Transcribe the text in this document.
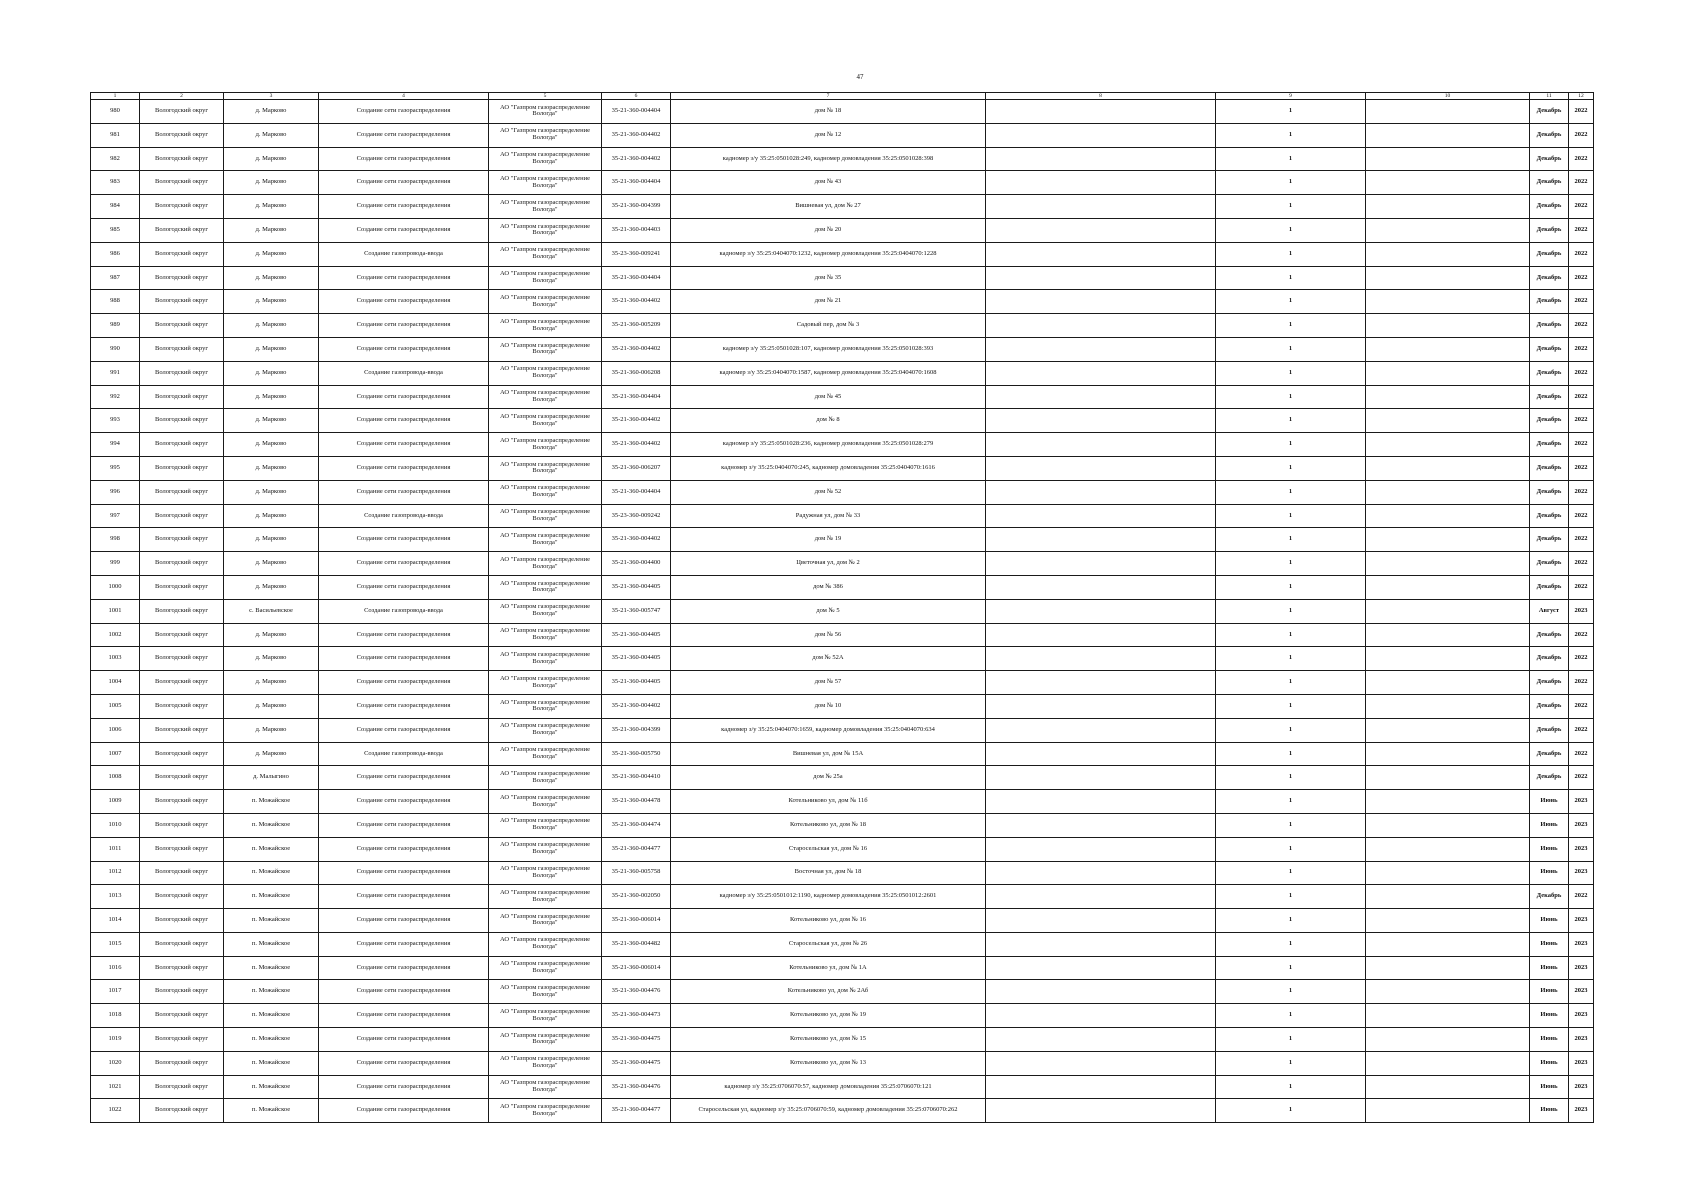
47
1	2	3	4	5	6	7	8	9	10	11	12
980	Вологодский округ	д. Марково	Создание сети газораспределения	АО "Газпром газораспределение Вологда"	35-21-360-004404	дом № 18		1		Декабрь	2022
981	Вологодский округ	д. Марково	Создание сети газораспределения	АО "Газпром газораспределение Вологда"	35-21-360-004402	дом № 12		1		Декабрь	2022
982	Вологодский округ	д. Марково	Создание сети газораспределения	АО "Газпром газораспределение Вологда"	35-21-360-004402	кадномер з/у 35:25:0501028:249, кадномер домовладения 35:25:0501028:398		1		Декабрь	2022
983	Вологодский округ	д. Марково	Создание сети газораспределения	АО "Газпром газораспределение Вологда"	35-21-360-004404	дом № 43		1		Декабрь	2022
984	Вологодский округ	д. Марково	Создание сети газораспределения	АО "Газпром газораспределение Вологда"	35-21-360-004399	Вишневая ул, дом № 27		1		Декабрь	2022
985	Вологодский округ	д. Марково	Создание сети газораспределения	АО "Газпром газораспределение Вологда"	35-21-360-004403	дом № 20		1		Декабрь	2022
986	Вологодский округ	д. Марково	Создание газопровода-ввода	АО "Газпром газораспределение Вологда"	35-23-360-009241	кадномер з/у 35:25:0404070:1232, кадномер домовладения 35:25:0404070:1228		1		Декабрь	2022
987	Вологодский округ	д. Марково	Создание сети газораспределения	АО "Газпром газораспределение Вологда"	35-21-360-004404	дом № 35		1		Декабрь	2022
988	Вологодский округ	д. Марково	Создание сети газораспределения	АО "Газпром газораспределение Вологда"	35-21-360-004402	дом № 21		1		Декабрь	2022
989	Вологодский округ	д. Марково	Создание сети газораспределения	АО "Газпром газораспределение Вологда"	35-21-360-005209	Садовый пер, дом № 3		1		Декабрь	2022
990	Вологодский округ	д. Марково	Создание сети газораспределения	АО "Газпром газораспределение Вологда"	35-21-360-004402	кадномер з/у 35:25:0501028:107, кадномер домовладения 35:25:0501028:393		1		Декабрь	2022
991	Вологодский округ	д. Марково	Создание газопровода-ввода	АО "Газпром газораспределение Вологда"	35-21-360-006208	кадномер з/у 35:25:0404070:1587, кадномер домовладения 35:25:0404070:1608		1		Декабрь	2022
992	Вологодский округ	д. Марково	Создание сети газораспределения	АО "Газпром газораспределение Вологда"	35-21-360-004404	дом № 45		1		Декабрь	2022
993	Вологодский округ	д. Марково	Создание сети газораспределения	АО "Газпром газораспределение Вологда"	35-21-360-004402	дом № 8		1		Декабрь	2022
994	Вологодский округ	д. Марково	Создание сети газораспределения	АО "Газпром газораспределение Вологда"	35-21-360-004402	кадномер з/у 35:25:0501028:236, кадномер домовладения 35:25:0501028:279		1		Декабрь	2022
995	Вологодский округ	д. Марково	Создание сети газораспределения	АО "Газпром газораспределение Вологда"	35-21-360-006207	кадномер з/у 35:25:0404070:245, кадномер домовладения 35:25:0404070:1616		1		Декабрь	2022
996	Вологодский округ	д. Марково	Создание сети газораспределения	АО "Газпром газораспределение Вологда"	35-21-360-004404	дом № 52		1		Декабрь	2022
997	Вологодский округ	д. Марково	Создание газопровода-ввода	АО "Газпром газораспределение Вологда"	35-23-360-009242	Радужная ул, дом № 33		1		Декабрь	2022
998	Вологодский округ	д. Марково	Создание сети газораспределения	АО "Газпром газораспределение Вологда"	35-21-360-004402	дом № 19		1		Декабрь	2022
999	Вологодский округ	д. Марково	Создание сети газораспределения	АО "Газпром газораспределение Вологда"	35-21-360-004400	Цветочная ул, дом № 2		1		Декабрь	2022
1000	Вологодский округ	д. Марково	Создание сети газораспределения	АО "Газпром газораспределение Вологда"	35-21-360-004405	дом № 386		1		Декабрь	2022
1001	Вологодский округ	с. Васильевское	Создание газопровода-ввода	АО "Газпром газораспределение Вологда"	35-21-360-005747	дом № 5		1		Август	2023
1002	Вологодский округ	д. Марково	Создание сети газораспределения	АО "Газпром газораспределение Вологда"	35-21-360-004405	дом № 56		1		Декабрь	2022
1003	Вологодский округ	д. Марково	Создание сети газораспределения	АО "Газпром газораспределение Вологда"	35-21-360-004405	дом № 52А		1		Декабрь	2022
1004	Вологодский округ	д. Марково	Создание сети газораспределения	АО "Газпром газораспределение Вологда"	35-21-360-004405	дом № 57		1		Декабрь	2022
1005	Вологодский округ	д. Марково	Создание сети газораспределения	АО "Газпром газораспределение Вологда"	35-21-360-004402	дом № 10		1		Декабрь	2022
1006	Вологодский округ	д. Марково	Создание сети газораспределения	АО "Газпром газораспределение Вологда"	35-21-360-004399	кадномер з/у 35:25:0404070:1659, кадномер домовладения 35:25:0404070:634		1		Декабрь	2022
1007	Вологодский округ	д. Марково	Создание газопровода-ввода	АО "Газпром газораспределение Вологда"	35-21-360-005750	Вишневая ул, дом № 15А		1		Декабрь	2022
1008	Вологодский округ	д. Малыгино	Создание сети газораспределения	АО "Газпром газораспределение Вологда"	35-21-360-004410	дом № 25а		1		Декабрь	2022
1009	Вологодский округ	п. Можайское	Создание сети газораспределения	АО "Газпром газораспределение Вологда"	35-21-360-004478	Котельниково ул, дом № 11б		1		Июнь	2023
1010	Вологодский округ	п. Можайское	Создание сети газораспределения	АО "Газпром газораспределение Вологда"	35-21-360-004474	Котельниково ул, дом № 18		1		Июнь	2023
1011	Вологодский округ	п. Можайское	Создание сети газораспределения	АО "Газпром газораспределение Вологда"	35-21-360-004477	Старосельская ул, дом № 16		1		Июнь	2023
1012	Вологодский округ	п. Можайское	Создание сети газораспределения	АО "Газпром газораспределение Вологда"	35-21-360-005758	Восточная ул, дом № 18		1		Июнь	2023
1013	Вологодский округ	п. Можайское	Создание сети газораспределения	АО "Газпром газораспределение Вологда"	35-21-360-002050	кадномер з/у 35:25:0501012:1190, кадномер домовладения 35:25:0501012:2601		1		Декабрь	2022
1014	Вологодский округ	п. Можайское	Создание сети газораспределения	АО "Газпром газораспределение Вологда"	35-21-360-006014	Котельниково ул, дом № 16		1		Июнь	2023
1015	Вологодский округ	п. Можайское	Создание сети газораспределения	АО "Газпром газораспределение Вологда"	35-21-360-004482	Старосельская ул, дом № 26		1		Июнь	2023
1016	Вологодский округ	п. Можайское	Создание сети газораспределения	АО "Газпром газораспределение Вологда"	35-21-360-006014	Котельниково ул, дом № 1А		1		Июнь	2023
1017	Вологодский округ	п. Можайское	Создание сети газораспределения	АО "Газпром газораспределение Вологда"	35-21-360-004476	Котельниково ул, дом № 2Аб		1		Июнь	2023
1018	Вологодский округ	п. Можайское	Создание сети газораспределения	АО "Газпром газораспределение Вологда"	35-21-360-004473	Котельниково ул, дом № 19		1		Июнь	2023
1019	Вологодский округ	п. Можайское	Создание сети газораспределения	АО "Газпром газораспределение Вологда"	35-21-360-004475	Котельниково ул, дом № 15		1		Июнь	2023
1020	Вологодский округ	п. Можайское	Создание сети газораспределения	АО "Газпром газораспределение Вологда"	35-21-360-004475	Котельниково ул, дом № 13		1		Июнь	2023
1021	Вологодский округ	п. Можайское	Создание сети газораспределения	АО "Газпром газораспределение Вологда"	35-21-360-004476	кадномер з/у 35:25:0706070:57, кадномер домовладения 35:25:0706070:121		1		Июнь	2023
1022	Вологодский округ	п. Можайское	Создание сети газораспределения	АО "Газпром газораспределение Вологда"	35-21-360-004477	Старосельская ул, кадномер з/у 35:25:0706070:59, кадномер домовладения 35:25:0706070:262		1		Июнь	2023
